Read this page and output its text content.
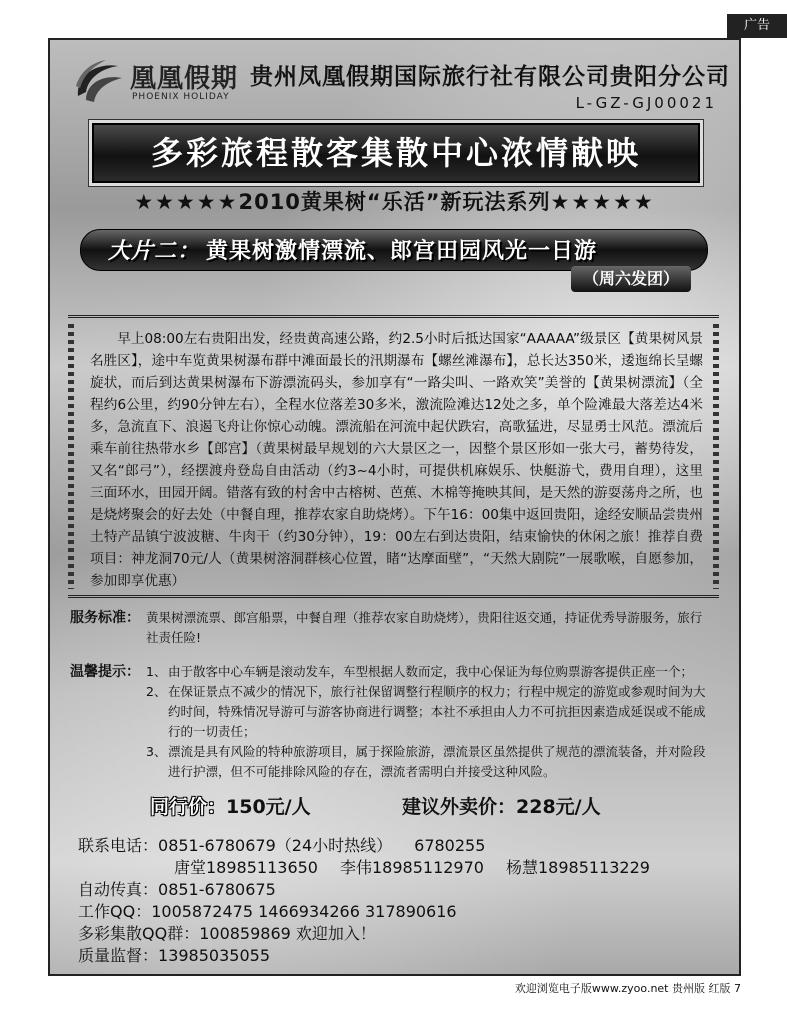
广告
凰凰假期
PHOENIX HOLIDAY
贵州凤凰假期国际旅行社有限公司贵阳分公司
L-GZ-GJ00021
多彩旅程散客集散中心浓情献映
★★★★★2010黄果树“乐活”新玩法系列★★★★★
大片二： 黄果树激情漂流、郎宫田园风光一日游
（周六发团）
早上08:00左右贵阳出发，经贵黄高速公路，约2.5小时后抵达国家“AAAAA”级景区【黄果树风景名胜区】，途中车览黄果树瀑布群中滩面最长的汛期瀑布【螺丝滩瀑布】，总长达350米，逶迤绵长呈螺旋状，而后到达黄果树瀑布下游漂流码头，参加享有“一路尖叫、一路欢笑”美誉的【黄果树漂流】（全程约6公里，约90分钟左右），全程水位落差30多米，激流险滩达12处之多，单个险滩最大落差达4米多，急流直下、浪遏飞舟让你惊心动魄。漂流船在河流中起伏跌宕，高歌猛进，尽显勇士风范。漂流后乘车前往热带水乡【郎宫】（黄果树最早规划的六大景区之一，因整个景区形如一张大弓，蓄势待发，又名“郎弓”），经摆渡舟登岛自由活动（约3~4小时，可提供机麻娱乐、快艇游弋，费用自理），这里三面环水，田园开阔。错落有致的村舍中古榕树、芭蕉、木棉等掩映其间，是天然的游耍荡舟之所，也是烧烤聚会的好去处（中餐自理，推荐农家自助烧烤）。下午16：00集中返回贵阳，途经安顺品尝贵州土特产品镇宁波波糖、牛肉干（约30分钟），19：00左右到达贵阳，结束愉快的休闲之旅！推荐自费项目：神龙洞70元/人（黄果树溶洞群核心位置，睹“达摩面壁”，“天然大剧院”一展歌喉，自愿参加，参加即享优惠）
服务标准： 黄果树漂流票、郎宫船票，中餐自理（推荐农家自助烧烤），贵阳往返交通，持证优秀导游服务，旅行社责任险!
温馨提示： 1、 由于散客中心车辆是滚动发车，车型根据人数而定，我中心保证为每位购票游客提供正座一个；
2、 在保证景点不减少的情况下，旅行社保留调整行程顺序的权力；行程中规定的游览或参观时间为大约时间，特殊情况导游可与游客协商进行调整；本社不承担由人力不可抗拒因素造成延误或不能成行的一切责任；
3、 漂流是具有风险的特种旅游项目，属于探险旅游，漂流景区虽然提供了规范的漂流装备，并对险段进行护漂，但不可能排除风险的存在，漂流者需明白并接受这种风险。
同行价：150元/人	建议外卖价：228元/人
联系电话：0851-6780679（24小时热线） 6780255
唐堂18985113650 李伟18985112970 杨慧18985113229
自动传真：0851-6780675
工作QQ：1005872475 1466934266 317890616
多彩集散QQ群：100859869 欢迎加入！
质量监督：13985035055
欢迎浏览电子版www.zyoo.net 贵州版 红版 7
